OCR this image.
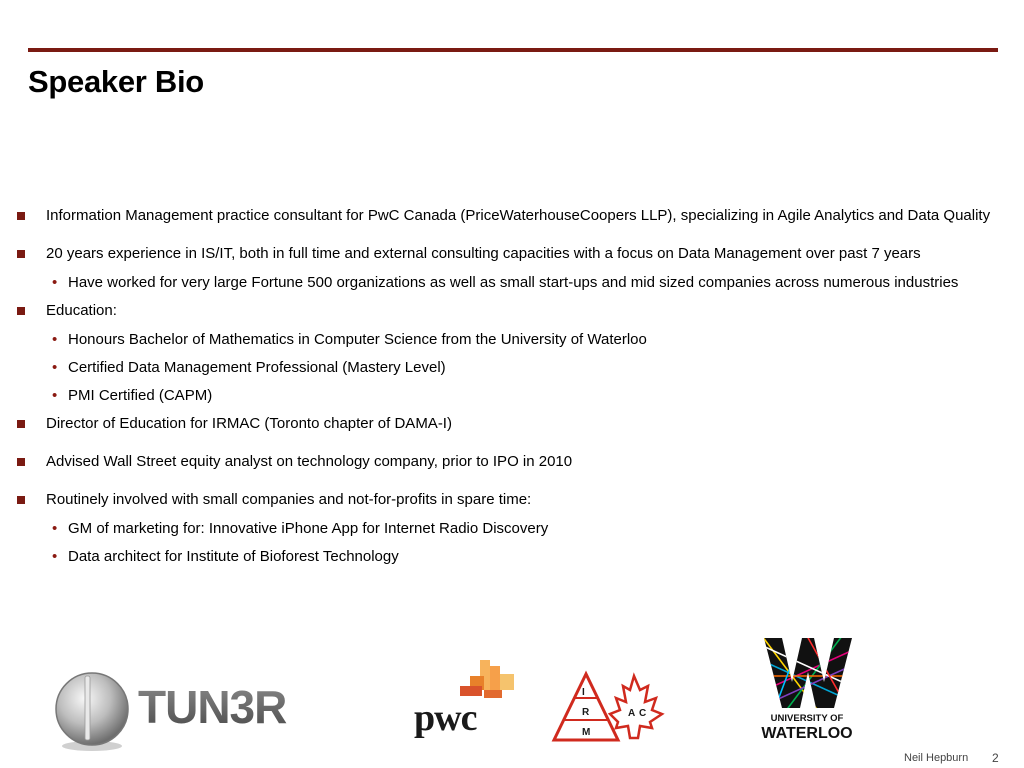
Speaker Bio
Information Management practice consultant for PwC Canada (PriceWaterhouseCoopers LLP), specializing in Agile Analytics and Data Quality
20 years experience in IS/IT, both in full time and external consulting capacities with a focus on Data Management over past 7 years
• Have worked for very large Fortune 500 organizations as well as small start-ups and mid sized companies across numerous industries
Education:
• Honours Bachelor of Mathematics in Computer Science from the University of Waterloo
• Certified Data Management Professional (Mastery Level)
• PMI Certified (CAPM)
Director of Education for IRMAC (Toronto chapter of DAMA-I)
Advised Wall Street equity analyst on technology company, prior to IPO in 2010
Routinely involved with small companies and not-for-profits in spare time:
• GM of marketing for: Innovative iPhone App for Internet Radio Discovery
• Data architect for Institute of Bioforest Technology
TUN3R	pwc
I
R
M
A C	UNIVERSITY OF
WATERLOO
Neil Hepburn 2
